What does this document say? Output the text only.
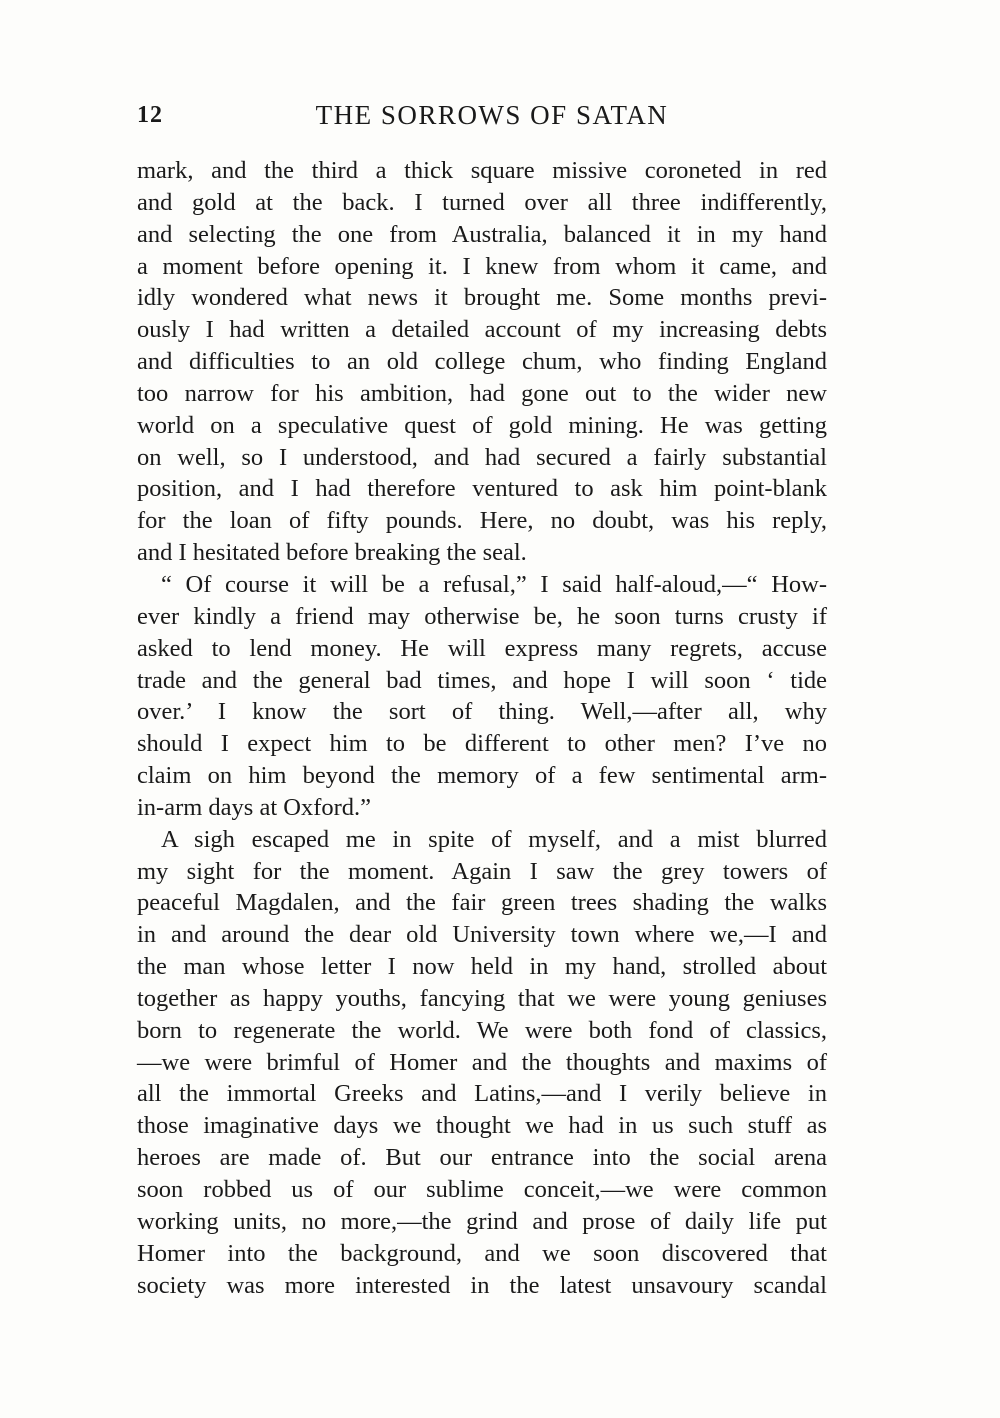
12	THE SORROWS OF SATAN
mark, and the third a thick square missive coroneted in red
and gold at the back. I turned over all three indifferently,
and selecting the one from Australia, balanced it in my hand
a moment before opening it. I knew from whom it came, and
idly wondered what news it brought me. Some months previ-
ously I had written a detailed account of my increasing debts
and difficulties to an old college chum, who finding England
too narrow for his ambition, had gone out to the wider new
world on a speculative quest of gold mining. He was getting
on well, so I understood, and had secured a fairly substantial
position, and I had therefore ventured to ask him point-blank
for the loan of fifty pounds. Here, no doubt, was his reply,
and I hesitated before breaking the seal.
“ Of course it will be a refusal,” I said half-aloud,—“ How-
ever kindly a friend may otherwise be, he soon turns crusty if
asked to lend money. He will express many regrets, accuse
trade and the general bad times, and hope I will soon ‘ tide
over.’ I know the sort of thing. Well,—after all, why
should I expect him to be different to other men? I’ve no
claim on him beyond the memory of a few sentimental arm-
in-arm days at Oxford.”
A sigh escaped me in spite of myself, and a mist blurred
my sight for the moment. Again I saw the grey towers of
peaceful Magdalen, and the fair green trees shading the walks
in and around the dear old University town where we,—I and
the man whose letter I now held in my hand, strolled about
together as happy youths, fancying that we were young geniuses
born to regenerate the world. We were both fond of classics,
—we were brimful of Homer and the thoughts and maxims of
all the immortal Greeks and Latins,—and I verily believe in
those imaginative days we thought we had in us such stuff as
heroes are made of. But our entrance into the social arena
soon robbed us of our sublime conceit,—we were common
working units, no more,—the grind and prose of daily life put
Homer into the background, and we soon discovered that
society was more interested in the latest unsavoury scandal
